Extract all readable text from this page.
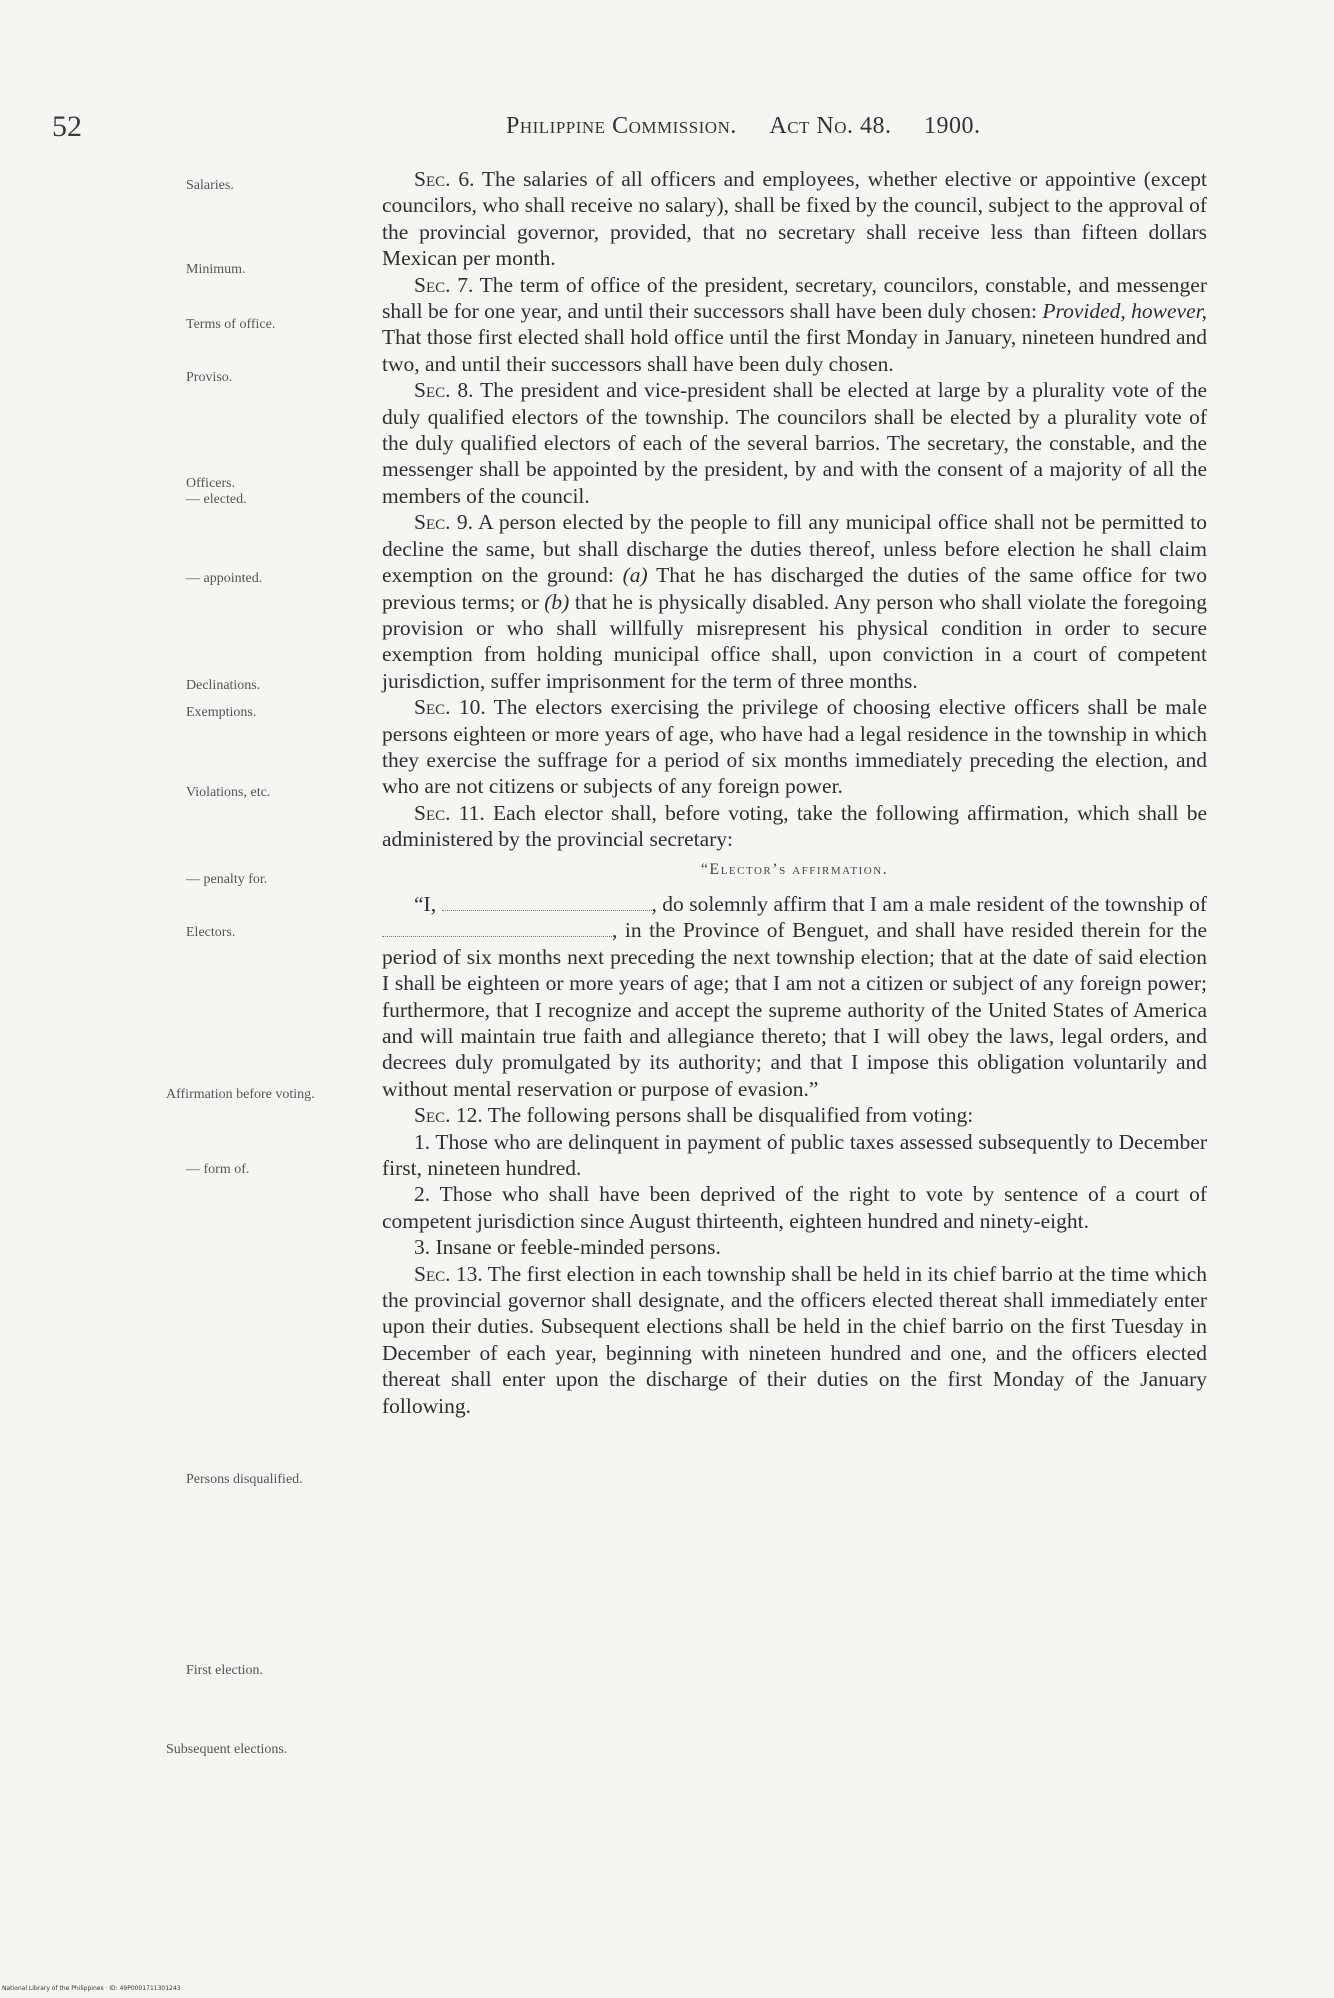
52	Philippine Commission. Act No. 48. 1900.
Salaries.
Minimum.
Terms of office.
Proviso.
Officers.
— elected.
— appointed.
Declinations.
Exemptions.
Violations, etc.
— penalty for.
Electors.
Affirmation before voting.
— form of.
Persons disqualified.
First election.
Subsequent elections.

Sec. 6. The salaries of all officers and employees, whether elective or appointive (except councilors, who shall receive no salary), shall be fixed by the council, subject to the approval of the provincial governor, provided, that no secretary shall receive less than fifteen dollars Mexican per month.

Sec. 7. The term of office of the president, secretary, councilors, constable, and messenger shall be for one year, and until their successors shall have been duly chosen: Provided, however, That those first elected shall hold office until the first Monday in January, nineteen hundred and two, and until their successors shall have been duly chosen.

Sec. 8. The president and vice-president shall be elected at large by a plurality vote of the duly qualified electors of the township. The councilors shall be elected by a plurality vote of the duly qualified electors of each of the several barrios. The secretary, the constable, and the messenger shall be appointed by the president, by and with the consent of a majority of all the members of the council.

Sec. 9. A person elected by the people to fill any municipal office shall not be permitted to decline the same, but shall discharge the duties thereof, unless before election he shall claim exemption on the ground: (a) That he has discharged the duties of the same office for two previous terms; or (b) that he is physically disabled. Any person who shall violate the foregoing provision or who shall willfully misrepresent his physical condition in order to secure exemption from holding municipal office shall, upon conviction in a court of competent jurisdiction, suffer imprisonment for the term of three months.

Sec. 10. The electors exercising the privilege of choosing elective officers shall be male persons eighteen or more years of age, who have had a legal residence in the township in which they exercise the suffrage for a period of six months immediately preceding the election, and who are not citizens or subjects of any foreign power.

Sec. 11. Each elector shall, before voting, take the following affirmation, which shall be administered by the provincial secretary:

“Elector’s affirmation.

“I,	, do solemnly affirm that I am a male resident of the township of , in the Province of Benguet, and shall have resided therein for the period of six months next preceding the next township election; that at the date of said election I shall be eighteen or more years of age; that I am not a citizen or subject of any foreign power; furthermore, that I recognize and accept the supreme authority of the United States of America and will maintain true faith and allegiance thereto; that I will obey the laws, legal orders, and decrees duly promulgated by its authority; and that I impose this obligation voluntarily and without mental reservation or purpose of evasion.”

Sec. 12. The following persons shall be disqualified from voting:

1. Those who are delinquent in payment of public taxes assessed subsequently to December first, nineteen hundred.

2. Those who shall have been deprived of the right to vote by sentence of a court of competent jurisdiction since August thirteenth, eighteen hundred and ninety-eight.

3. Insane or feeble-minded persons.

Sec. 13. The first election in each township shall be held in its chief barrio at the time which the provincial governor shall designate, and the officers elected thereat shall immediately enter upon their duties. Subsequent elections shall be held in the chief barrio on the first Tuesday in December of each year, beginning with nineteen hundred and one, and the officers elected thereat shall enter upon the discharge of their duties on the first Monday of the January following.

National Library of the Philippines · ID: 49P0001711301243
